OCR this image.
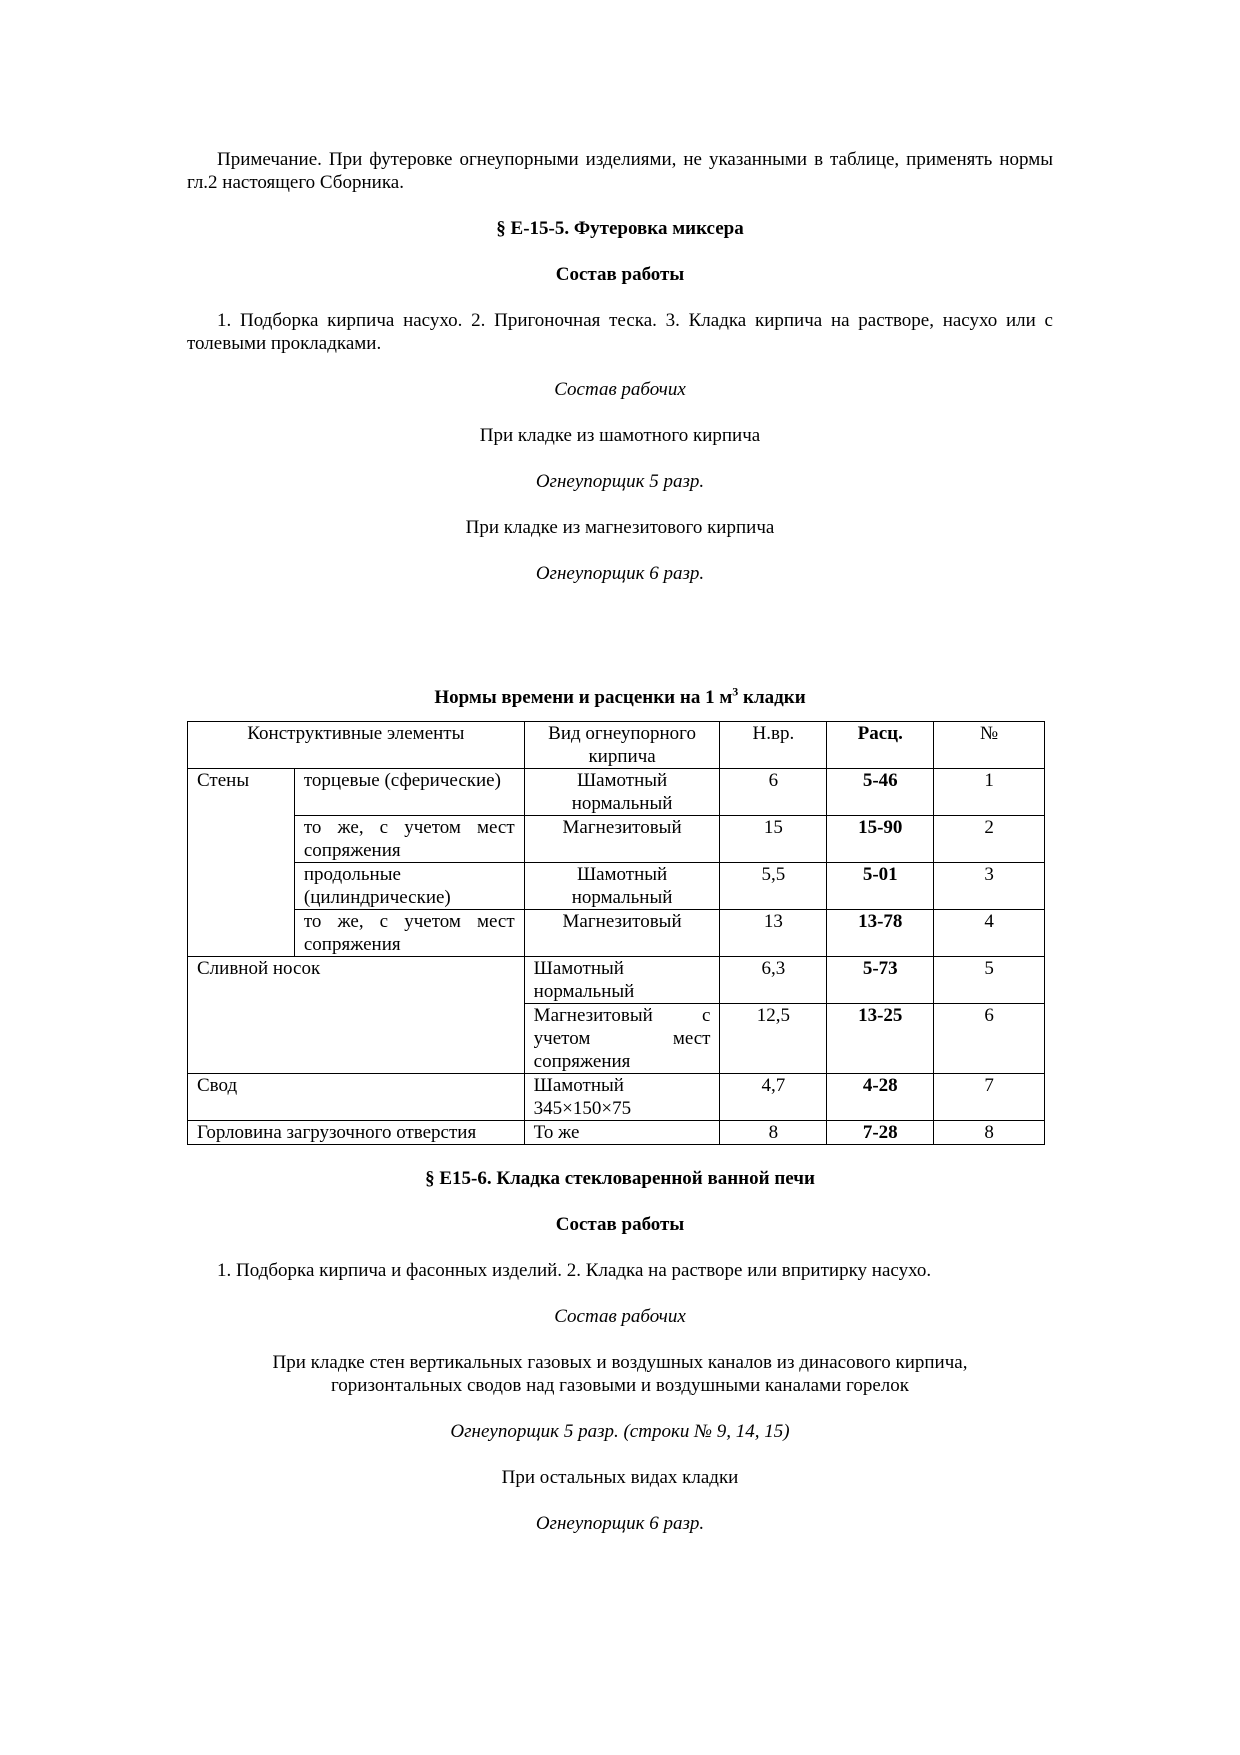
Примечание. При футеровке огнеупорными изделиями, не указанными в таблице, применять нормы гл.2 настоящего Сборника.

§ Е-15-5. Футеровка миксера

Состав работы

1. Подборка кирпича насухо. 2. Пригоночная теска. 3. Кладка кирпича на растворе, насухо или с толевыми прокладками.

Состав рабочих

При кладке из шамотного кирпича

Огнеупорщик 5 разр.

При кладке из магнезитового кирпича

Огнеупорщик 6 разр.

Нормы времени и расценки на 1 $м^3$ кладки

Конструктивные элементы		Вид огнеупорного кирпича	Н.вр.	Расц.	№
Стены	торцевые (сферические)	Шамотный нормальный	6	5-46	1
	то же, с учетом мест сопряжения	Магнезитовый	15	15-90	2
	продольные (цилиндрические)	Шамотный нормальный	5,5	5-01	3
	то же, с учетом мест сопряжения	Магнезитовый	13	13-78	4
Сливной носок		Шамотный нормальный	6,3	5-73	5
		Магнезитовый с учетом мест сопряжения	12,5	13-25	6
Свод		Шамотный 345×150×75	4,7	4-28	7
Горловина загрузочного отверстия		То же	8	7-28	8

§ Е15-6. Кладка стекловаренной ванной печи

Состав работы

1. Подборка кирпича и фасонных изделий. 2. Кладка на растворе или впритирку насухо.

Состав рабочих

При кладке стен вертикальных газовых и воздушных каналов из динасового кирпича, горизонтальных сводов над газовыми и воздушными каналами горелок

Огнеупорщик 5 разр. (строки № 9, 14, 15)

При остальных видах кладки

Огнеупорщик 6 разр.
